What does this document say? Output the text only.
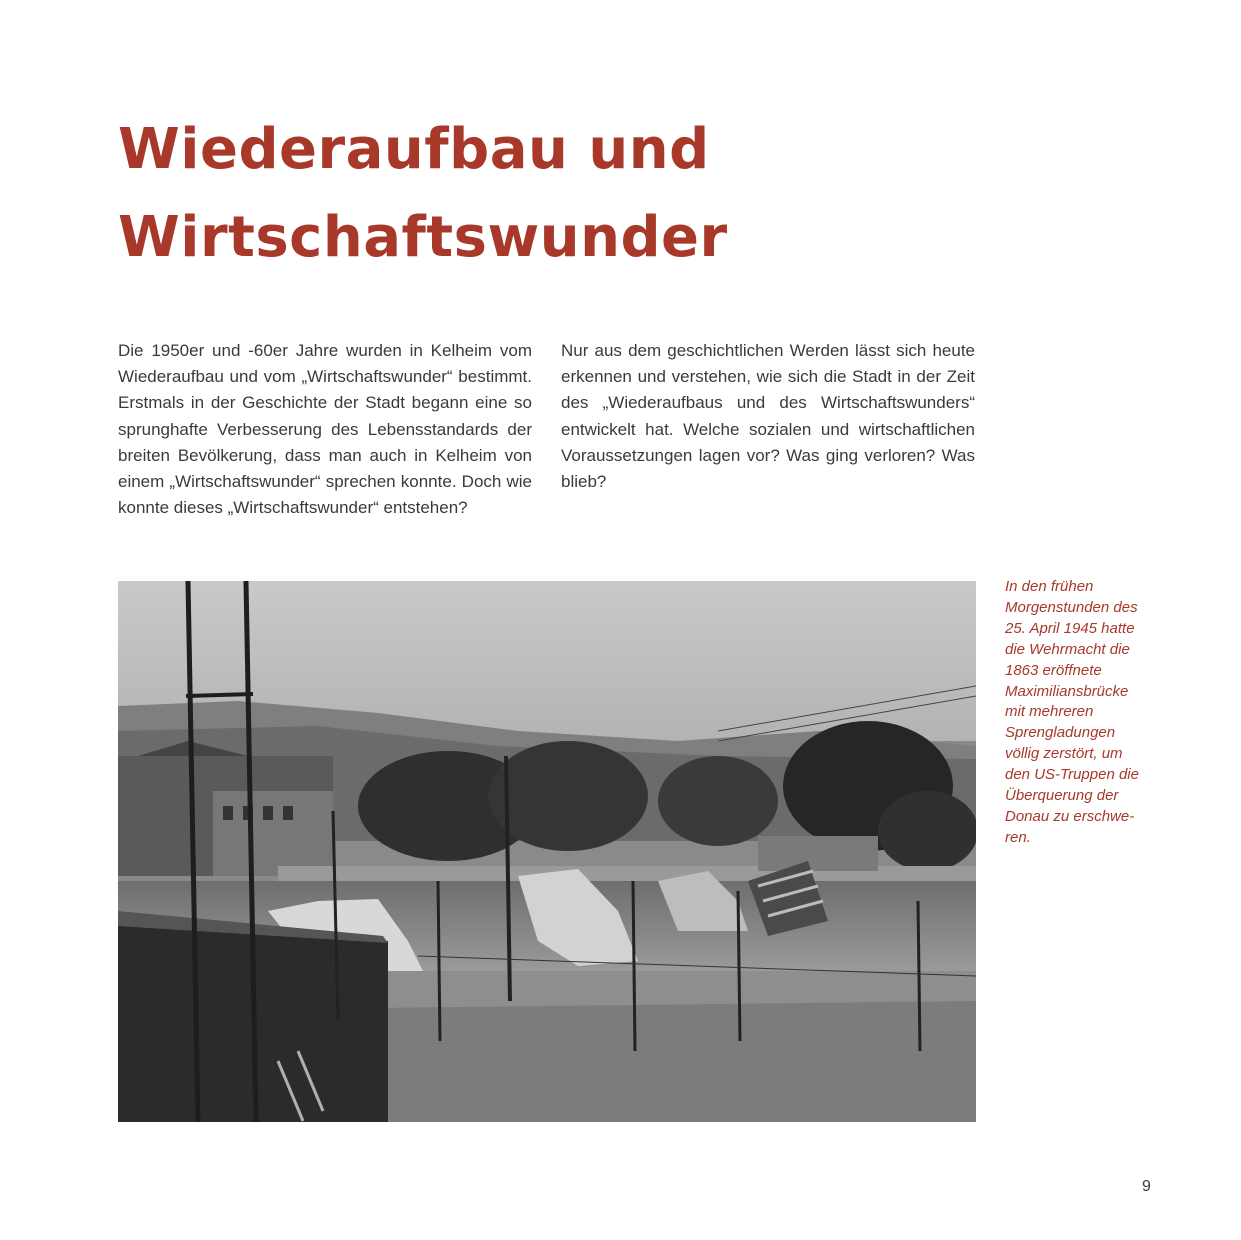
Wiederaufbau und
Wirtschaftswunder

Die 1950er und -60er Jahre wurden in Kelheim vom Wiederaufbau und vom „Wirtschaftswunder“ bestimmt. Erstmals in der Geschichte der Stadt begann eine so sprunghafte Verbesserung des Lebensstandards der breiten Bevölkerung, dass man auch in Kelheim von einem „Wirtschaftswunder“ sprechen konnte. Doch wie konnte dieses „Wirtschaftswunder“ entstehen?

Nur aus dem geschichtlichen Werden lässt sich heute erkennen und verstehen, wie sich die Stadt in der Zeit des „Wiederaufbaus und des Wirtschaftswunders“ entwickelt hat. Welche sozialen und wirtschaftlichen Voraussetzungen lagen vor? Was ging verloren? Was blieb?

In den frühen
Morgenstunden des
25. April 1945 hatte
die Wehrmacht die
1863 eröffnete
Maximiliansbrücke
mit mehreren
Sprengladungen
völlig zerstört, um
den US-Truppen die
Überquerung der
Donau zu erschwe-
ren.

9
